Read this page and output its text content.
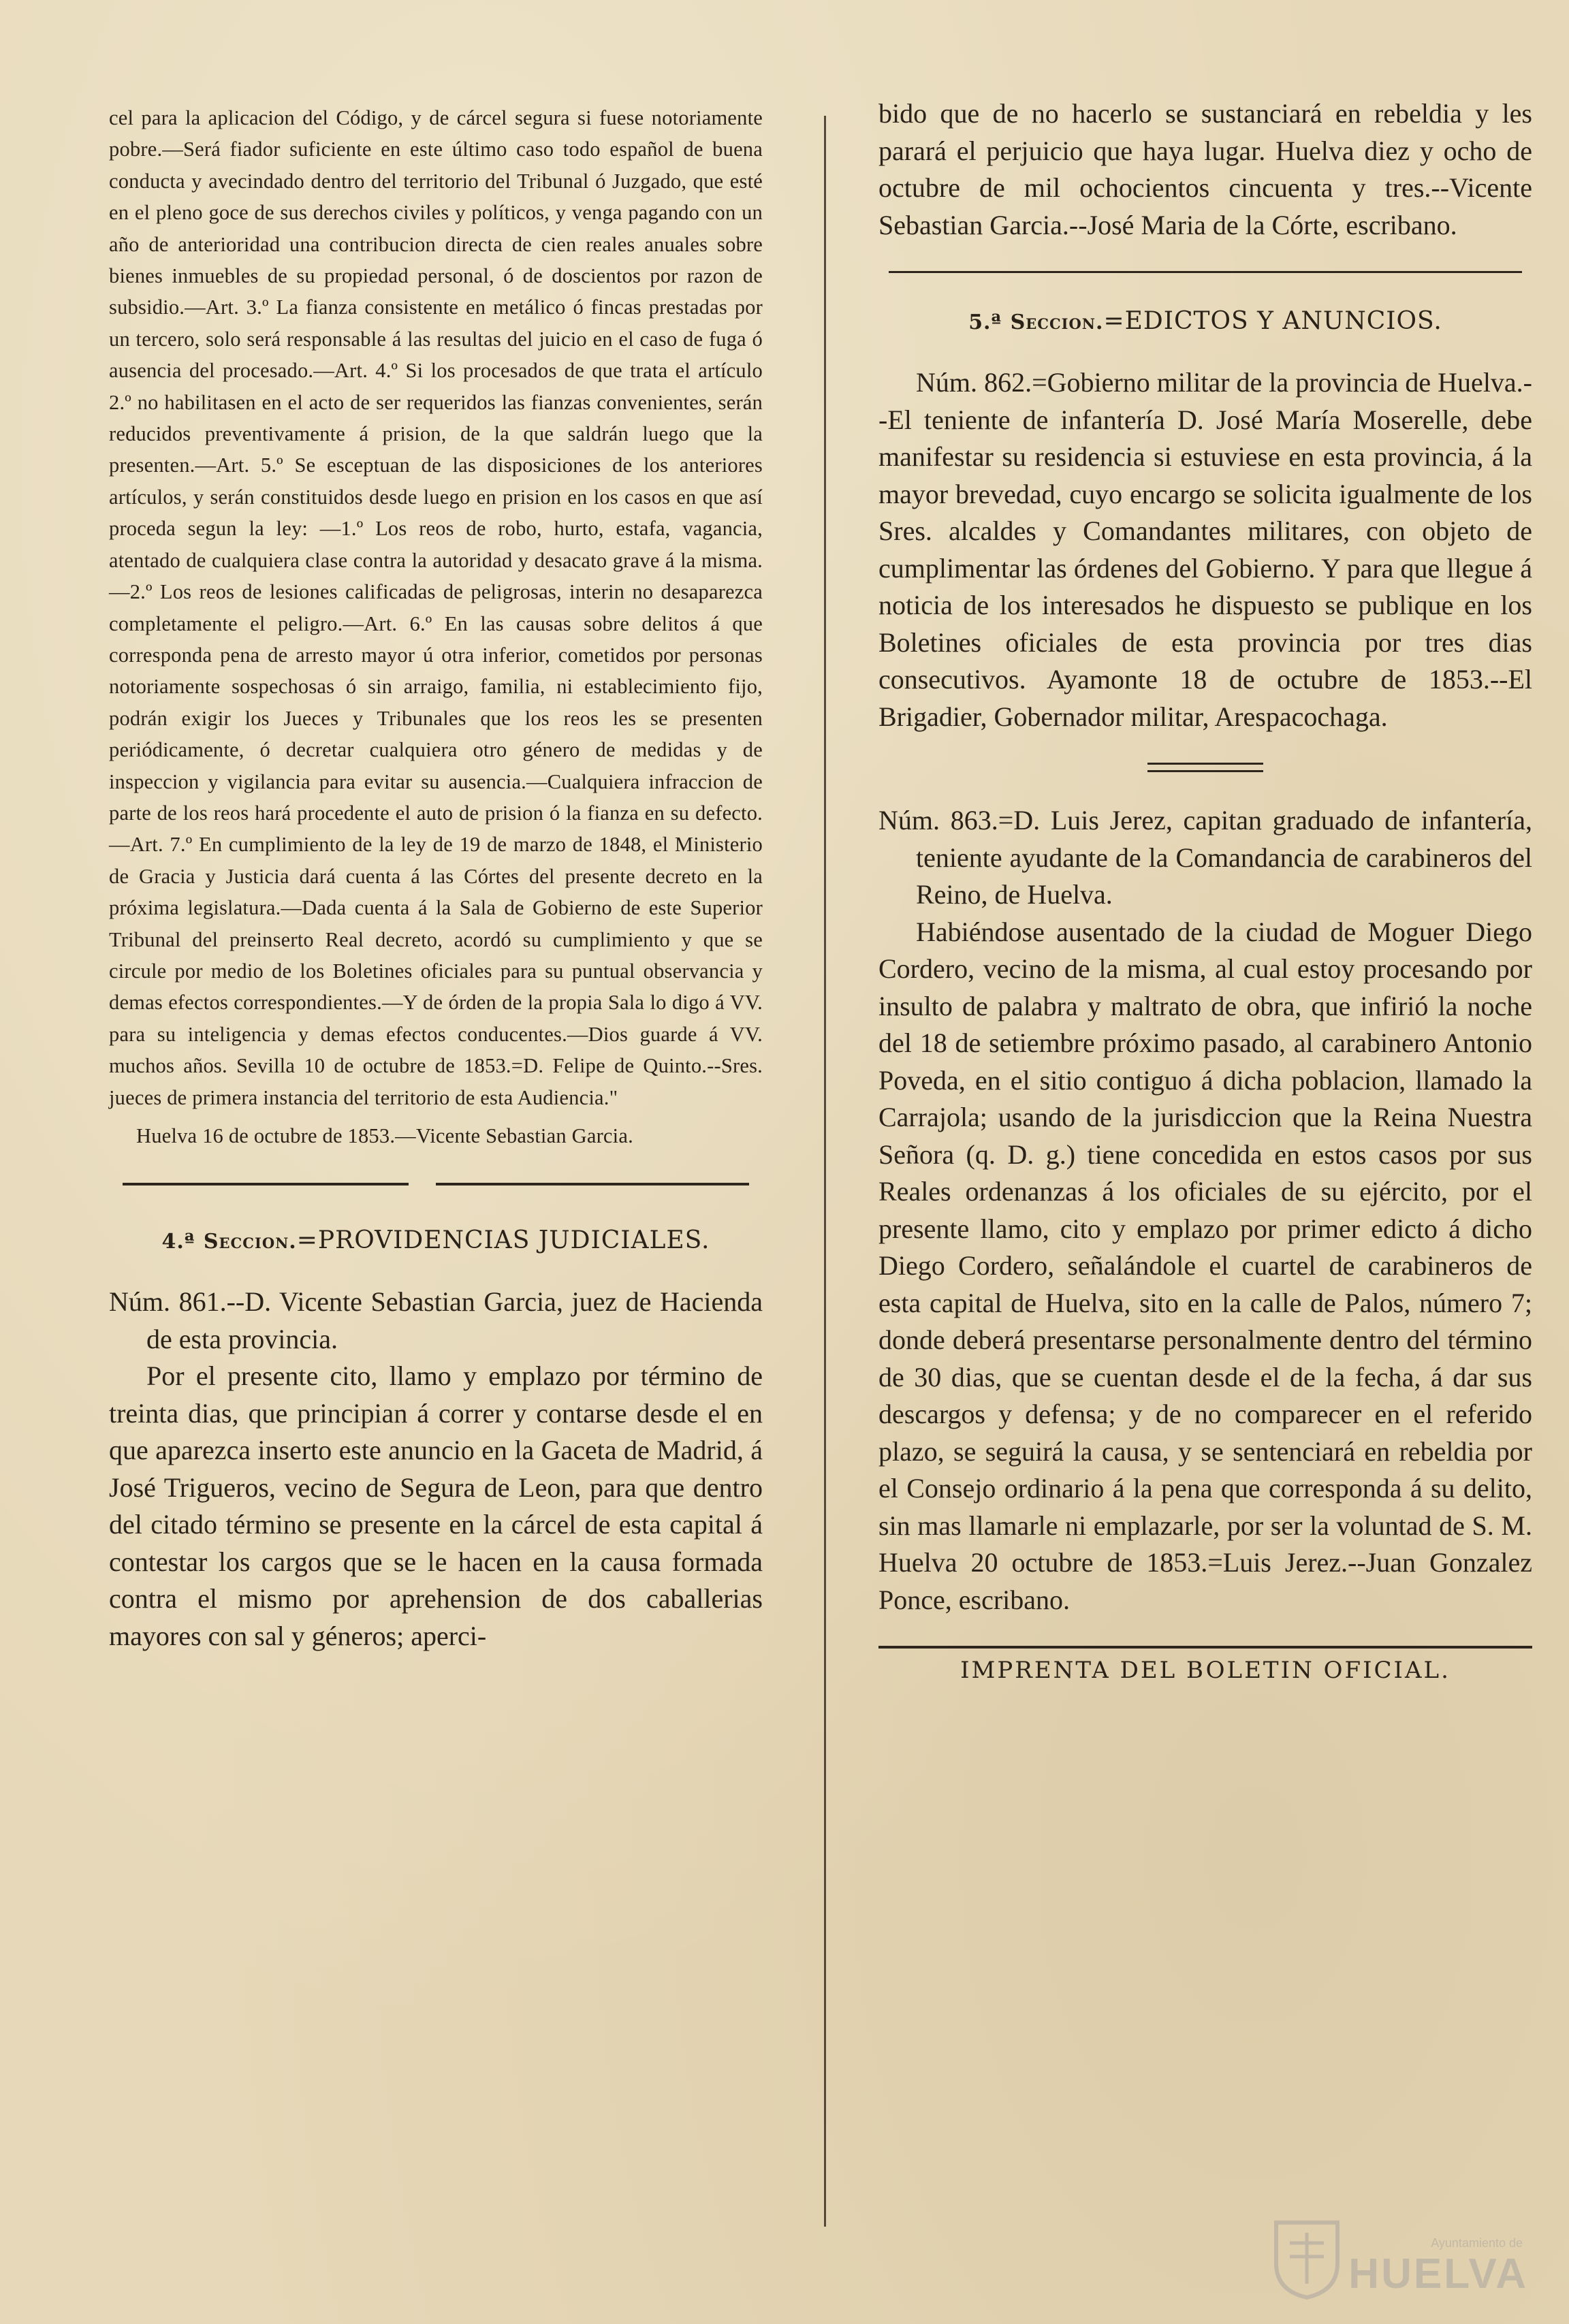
cel para la aplicacion del Código, y de cárcel segura si fuese notoriamente pobre.—Será fiador suficiente en este último caso todo español de buena conducta y avecindado dentro del territorio del Tribunal ó Juzgado, que esté en el pleno goce de sus derechos civiles y políticos, y venga pagando con un año de anterioridad una contribucion directa de cien reales anuales sobre bienes inmuebles de su propiedad personal, ó de doscientos por razon de subsidio.—Art. 3.º La fianza consistente en metálico ó fincas prestadas por un tercero, solo será responsable á las resultas del juicio en el caso de fuga ó ausencia del procesado.—Art. 4.º Si los procesados de que trata el artículo 2.º no habilitasen en el acto de ser requeridos las fianzas convenientes, serán reducidos preventivamente á prision, de la que saldrán luego que la presenten.—Art. 5.º Se esceptuan de las disposiciones de los anteriores artículos, y serán constituidos desde luego en prision en los casos en que así proceda segun la ley: —1.º Los reos de robo, hurto, estafa, vagancia, atentado de cualquiera clase contra la autoridad y desacato grave á la misma.—2.º Los reos de lesiones calificadas de peligrosas, interin no desaparezca completamente el peligro.—Art. 6.º En las causas sobre delitos á que corresponda pena de arresto mayor ú otra inferior, cometidos por personas notoriamente sospechosas ó sin arraigo, familia, ni establecimiento fijo, podrán exigir los Jueces y Tribunales que los reos les se presenten periódicamente, ó decretar cualquiera otro género de medidas y de inspeccion y vigilancia para evitar su ausencia.—Cualquiera infraccion de parte de los reos hará procedente el auto de prision ó la fianza en su defecto.—Art. 7.º En cumplimiento de la ley de 19 de marzo de 1848, el Ministerio de Gracia y Justicia dará cuenta á las Córtes del presente decreto en la próxima legislatura.—Dada cuenta á la Sala de Gobierno de este Superior Tribunal del preinserto Real decreto, acordó su cumplimiento y que se circule por medio de los Boletines oficiales para su puntual observancia y demas efectos correspondientes.—Y de órden de la propia Sala lo digo á VV. para su inteligencia y demas efectos conducentes.—Dios guarde á VV. muchos años. Sevilla 10 de octubre de 1853.=D. Felipe de Quinto.--Sres. jueces de primera instancia del territorio de esta Audiencia."

Huelva 16 de octubre de 1853.—Vicente Sebastian Garcia.

4.ª Seccion.=PROVIDENCIAS JUDICIALES.

Núm. 861.--D. Vicente Sebastian Garcia, juez de Hacienda de esta provincia.

Por el presente cito, llamo y emplazo por término de treinta dias, que principian á correr y contarse desde el en que aparezca inserto este anuncio en la Gaceta de Madrid, á José Trigueros, vecino de Segura de Leon, para que dentro del citado término se presente en la cárcel de esta capital á contestar los cargos que se le hacen en la causa formada contra el mismo por aprehension de dos caballerias mayores con sal y géneros; aperci-

bido que de no hacerlo se sustanciará en rebeldia y les parará el perjuicio que haya lugar. Huelva diez y ocho de octubre de mil ochocientos cincuenta y tres.--Vicente Sebastian Garcia.--José Maria de la Córte, escribano.

5.ª Seccion.=EDICTOS Y ANUNCIOS.

Núm. 862.=Gobierno militar de la provincia de Huelva.--El teniente de infantería D. José María Moserelle, debe manifestar su residencia si estuviese en esta provincia, á la mayor brevedad, cuyo encargo se solicita igualmente de los Sres. alcaldes y Comandantes militares, con objeto de cumplimentar las órdenes del Gobierno. Y para que llegue á noticia de los interesados he dispuesto se publique en los Boletines oficiales de esta provincia por tres dias consecutivos. Ayamonte 18 de octubre de 1853.--El Brigadier, Gobernador militar, Arespacochaga.

Núm. 863.=D. Luis Jerez, capitan graduado de infantería, teniente ayudante de la Comandancia de carabineros del Reino, de Huelva.

Habiéndose ausentado de la ciudad de Moguer Diego Cordero, vecino de la misma, al cual estoy procesando por insulto de palabra y maltrato de obra, que infirió la noche del 18 de setiembre próximo pasado, al carabinero Antonio Poveda, en el sitio contiguo á dicha poblacion, llamado la Carrajola; usando de la jurisdiccion que la Reina Nuestra Señora (q. D. g.) tiene concedida en estos casos por sus Reales ordenanzas á los oficiales de su ejército, por el presente llamo, cito y emplazo por primer edicto á dicho Diego Cordero, señalándole el cuartel de carabineros de esta capital de Huelva, sito en la calle de Palos, número 7; donde deberá presentarse personalmente dentro del término de 30 dias, que se cuentan desde el de la fecha, á dar sus descargos y defensa; y de no comparecer en el referido plazo, se seguirá la causa, y se sentenciará en rebeldia por el Consejo ordinario á la pena que corresponda á su delito, sin mas llamarle ni emplazarle, por ser la voluntad de S. M. Huelva 20 octubre de 1853.=Luis Jerez.--Juan Gonzalez Ponce, escribano.

IMPRENTA DEL BOLETIN OFICIAL.
Ayuntamiento de
HUELVA
